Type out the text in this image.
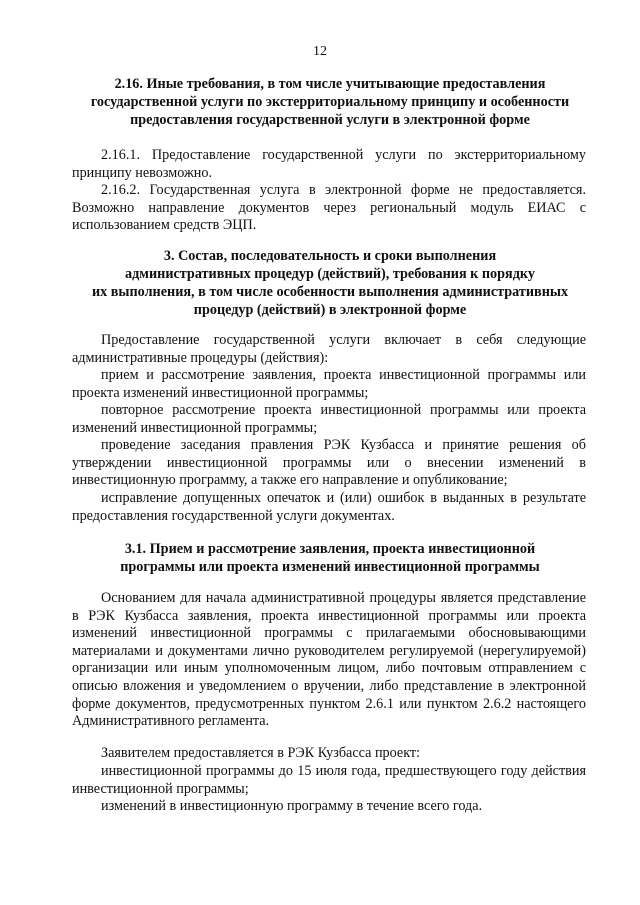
12
2.16. Иные требования, в том числе учитывающие предоставления
государственной услуги по экстерриториальному принципу и особенности
предоставления государственной услуги в электронной форме
2.16.1. Предоставление государственной услуги по экстерриториальному принципу невозможно.
2.16.2. Государственная услуга в электронной форме не предоставляется. Возможно направление документов через региональный модуль ЕИАС с использованием средств ЭЦП.
3. Состав, последовательность и сроки выполнения
административных процедур (действий), требования к порядку
их выполнения, в том числе особенности выполнения административных
процедур (действий) в электронной форме
Предоставление государственной услуги включает в себя следующие административные процедуры (действия):
прием и рассмотрение заявления, проекта инвестиционной программы или проекта изменений инвестиционной программы;
повторное рассмотрение проекта инвестиционной программы или проекта изменений инвестиционной программы;
проведение заседания правления РЭК Кузбасса и принятие решения об утверждении инвестиционной программы или о внесении изменений в инвестиционную программу, а также его направление и опубликование;
исправление допущенных опечаток и (или) ошибок в выданных в результате предоставления государственной услуги документах.
3.1. Прием и рассмотрение заявления, проекта инвестиционной
программы или проекта изменений инвестиционной программы
Основанием для начала административной процедуры является представление в РЭК Кузбасса заявления, проекта инвестиционной программы или проекта изменений инвестиционной программы с прилагаемыми обосновывающими материалами и документами лично руководителем регулируемой (нерегулируемой) организации или иным уполномоченным лицом, либо почтовым отправлением с описью вложения и уведомлением о вручении, либо представление в электронной форме документов, предусмотренных пунктом 2.6.1 или пунктом 2.6.2 настоящего Административного регламента.
Заявителем предоставляется в РЭК Кузбасса проект:
инвестиционной программы до 15 июля года, предшествующего году действия инвестиционной программы;
изменений в инвестиционную программу в течение всего года.
